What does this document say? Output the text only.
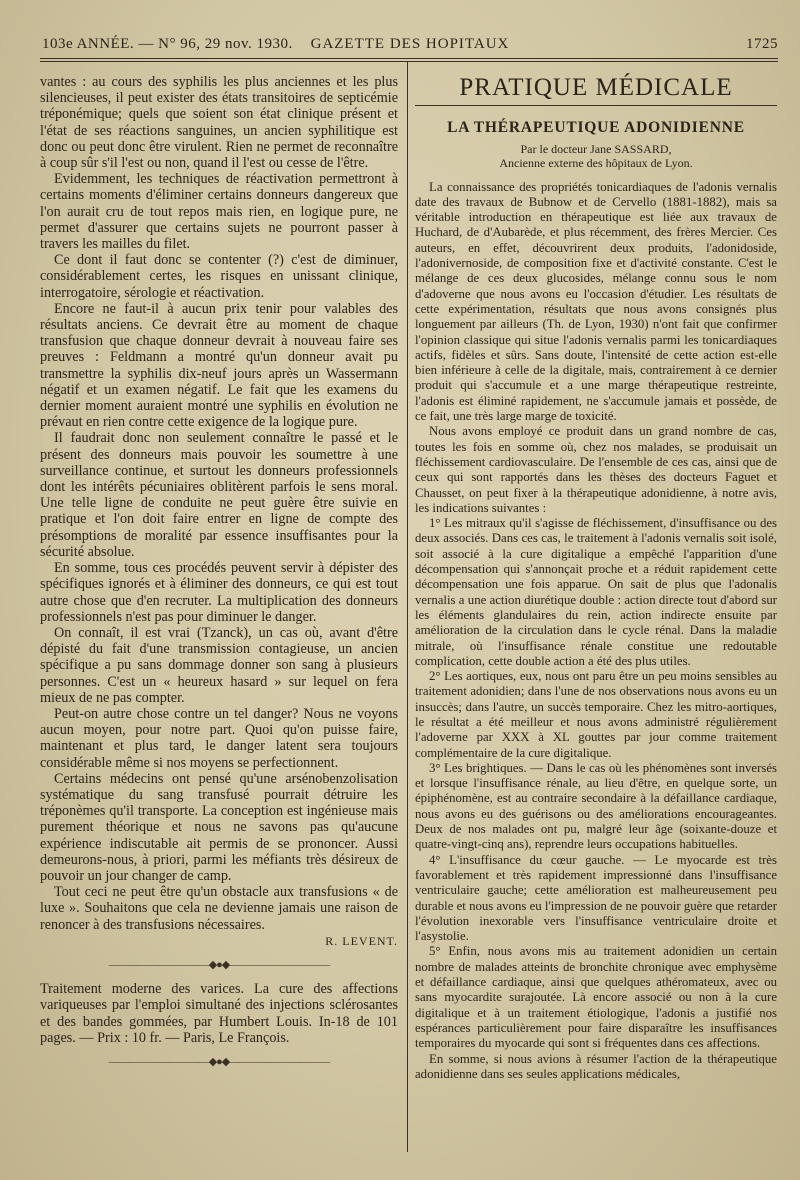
103e ANNÉE. — N° 96, 29 nov. 1930.	GAZETTE DES HOPITAUX	1725

vantes : au cours des syphilis les plus anciennes et les plus silencieuses, il peut exister des états transitoires de septicémie tréponémique; quels que soient son état clinique présent et l'état de ses réactions sanguines, un ancien syphilitique est donc ou peut donc être virulent. Rien ne permet de reconnaître à coup sûr s'il l'est ou non, quand il l'est ou cesse de l'être.

Evidemment, les techniques de réactivation permettront à certains moments d'éliminer certains donneurs dangereux que l'on aurait cru de tout repos mais rien, en logique pure, ne permet d'assurer que certains sujets ne pourront passer à travers les mailles du filet.

Ce dont il faut donc se contenter (?) c'est de diminuer, considérablement certes, les risques en unissant clinique, interrogatoire, sérologie et réactivation.

Encore ne faut-il à aucun prix tenir pour valables des résultats anciens. Ce devrait être au moment de chaque transfusion que chaque donneur devrait à nouveau faire ses preuves : Feldmann a montré qu'un donneur avait pu transmettre la syphilis dix-neuf jours après un Wassermann négatif et un examen négatif. Le fait que les examens du dernier moment auraient montré une syphilis en évolution ne prévaut en rien contre cette exigence de la logique pure.

Il faudrait donc non seulement connaître le passé et le présent des donneurs mais pouvoir les soumettre à une surveillance continue, et surtout les donneurs professionnels dont les intérêts pécuniaires oblitèrent parfois le sens moral. Une telle ligne de conduite ne peut guère être suivie en pratique et l'on doit faire entrer en ligne de compte des présomptions de moralité par essence insuffisantes pour la sécurité absolue.

En somme, tous ces procédés peuvent servir à dépister des spécifiques ignorés et à éliminer des donneurs, ce qui est tout autre chose que d'en recruter. La multiplication des donneurs professionnels n'est pas pour diminuer le danger.

On connaît, il est vrai (Tzanck), un cas où, avant d'être dépisté du fait d'une transmission contagieuse, un ancien spécifique a pu sans dommage donner son sang à plusieurs personnes. C'est un « heureux hasard » sur lequel on fera mieux de ne pas compter.

Peut-on autre chose contre un tel danger? Nous ne voyons aucun moyen, pour notre part. Quoi qu'on puisse faire, maintenant et plus tard, le danger latent sera toujours considérable même si nos moyens se perfectionnent.

Certains médecins ont pensé qu'une arsénobenzolisation systématique du sang transfusé pourrait détruire les tréponèmes qu'il transporte. La conception est ingénieuse mais purement théorique et nous ne savons pas qu'aucune expérience indiscutable ait permis de se prononcer. Aussi demeurons-nous, à priori, parmi les méfiants très désireux de pouvoir un jour changer de camp.

Tout ceci ne peut être qu'un obstacle aux transfusions « de luxe ». Souhaitons que cela ne devienne jamais une raison de renoncer à des transfusions nécessaires.

R. LEVENT.
——————————◆●◆——————————

Traitement moderne des varices. La cure des affections variqueuses par l'emploi simultané des injections sclérosantes et des bandes gommées, par Humbert Louis. In-18 de 101 pages. — Prix : 10 fr. — Paris, Le François.

——————————◆●◆——————————
PRATIQUE MÉDICALE
LA THÉRAPEUTIQUE ADONIDIENNE
Par le docteur Jane SASSARD,
Ancienne externe des hôpitaux de Lyon.

La connaissance des propriétés tonicardiaques de l'adonis vernalis date des travaux de Bubnow et de Cervello (1881-1882), mais sa véritable introduction en thérapeutique est liée aux travaux de Huchard, de d'Aubarède, et plus récemment, des frères Mercier. Ces auteurs, en effet, découvrirent deux produits, l'adonidoside, l'adonivernoside, de composition fixe et d'activité constante. C'est le mélange de ces deux glucosides, mélange connu sous le nom d'adoverne que nous avons eu l'occasion d'étudier. Les résultats de cette expérimentation, résultats que nous avons consignés plus longuement par ailleurs (Th. de Lyon, 1930) n'ont fait que confirmer l'opinion classique qui situe l'adonis vernalis parmi les tonicardiaques actifs, fidèles et sûrs. Sans doute, l'intensité de cette action est-elle bien inférieure à celle de la digitale, mais, contrairement à ce dernier produit qui s'accumule et a une marge thérapeutique restreinte, l'adonis est éliminé rapidement, ne s'accumule jamais et possède, de ce fait, une très large marge de toxicité.

Nous avons employé ce produit dans un grand nombre de cas, toutes les fois en somme où, chez nos malades, se produisait un fléchissement cardiovasculaire. De l'ensemble de ces cas, ainsi que de ceux qui sont rapportés dans les thèses des docteurs Faguet et Chausset, on peut fixer à la thérapeutique adonidienne, à notre avis, les indications suivantes :

1° Les mitraux qu'il s'agisse de fléchissement, d'insuffisance ou des deux associés. Dans ces cas, le traitement à l'adonis vernalis soit isolé, soit associé à la cure digitalique a empêché l'apparition d'une décompensation qui s'annonçait proche et a réduit rapidement cette décompensation une fois apparue. On sait de plus que l'adonalis vernalis a une action diurétique double : action directe tout d'abord sur les éléments glandulaires du rein, action indirecte ensuite par amélioration de la circulation dans le cycle rénal. Dans la maladie mitrale, où l'insuffisance rénale constitue une redoutable complication, cette double action a été des plus utiles.

2° Les aortiques, eux, nous ont paru être un peu moins sensibles au traitement adonidien; dans l'une de nos observations nous avons eu un insuccès; dans l'autre, un succès temporaire. Chez les mitro-aortiques, le résultat a été meilleur et nous avons administré régulièrement l'adoverne par XXX à XL gouttes par jour comme traitement complémentaire de la cure digitalique.

3° Les brightiques. — Dans le cas où les phénomènes sont inversés et lorsque l'insuffisance rénale, au lieu d'être, en quelque sorte, un épiphénomène, est au contraire secondaire à la défaillance cardiaque, nous avons eu des guérisons ou des améliorations encourageantes. Deux de nos malades ont pu, malgré leur âge (soixante-douze et quatre-vingt-cinq ans), reprendre leurs occupations habituelles.

4° L'insuffisance du cœur gauche. — Le myocarde est très favorablement et très rapidement impressionné dans l'insuffisance ventriculaire gauche; cette amélioration est malheureusement peu durable et nous avons eu l'impression de ne pouvoir guère que retarder l'évolution inexorable vers l'insuffisance ventriculaire droite et l'asystolie.

5° Enfin, nous avons mis au traitement adonidien un certain nombre de malades atteints de bronchite chronique avec emphysème et défaillance cardiaque, ainsi que quelques athéromateux, avec ou sans myocardite surajoutée. Là encore associé ou non à la cure digitalique et à un traitement étiologique, l'adonis a justifié nos espérances particulièrement pour faire disparaître les insuffisances temporaires du myocarde qui sont si fréquentes dans ces affections.

En somme, si nous avions à résumer l'action de la thérapeutique adonidienne dans ses seules applications médicales,
